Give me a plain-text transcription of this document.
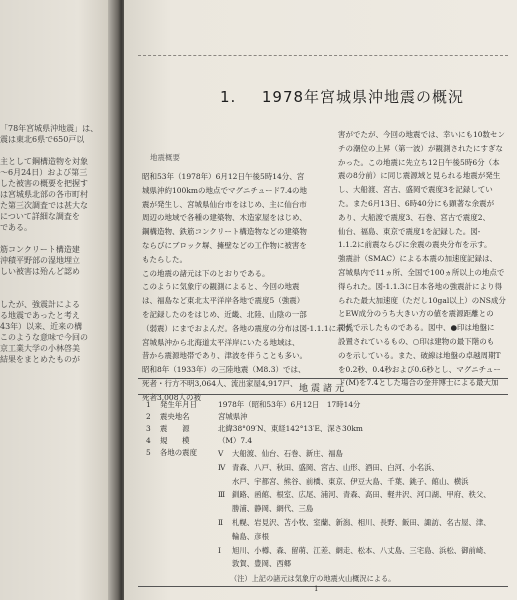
「78年宮城県沖地震」は、
震は東北6県で650戸以
主として鋼構造物を対象
～6月24日）および第三
した被害の概要を把握す
は宮城県北部の各市町村
た第三次調査では甚大な
について詳細な調査を
である。
筋コンクリート構造建
沖積平野部の湿地埋立
しい被害は殆んど認め
したが、強震計による
る地震であったと考え
43年）以来、近来の構
このような意味で今回の
京工業大学の小林啓美
結果をまとめたものが
1. 1978年宮城県沖地震の概況
地震概要
昭和53年（1978年）6月12日午後5時14分、宮
城県沖約100kmの地点でマグニチュード7.4の地
震が発生し、宮城県仙台市をはじめ、主に仙台市
周辺の地域で各種の建築物、木造家屋をはじめ、
鋼構造物、鉄筋コンクリート構造物などの建築物
ならびにブロック塀、擁壁などの工作物に被害を
もたらした。
この地震の諸元は下のとおりである。
このように気象庁の観測によると、今回の地震
は、福島など東北太平洋岸各地で震度5（強震）
を記録したのをはじめ、近畿、北陸、山陰の一部
（弱震）にまでおよんだ。各地の震度の分布は図-1.1.1に示す。
宮城県沖から北海道太平洋岸にいたる地域は、
昔から震源地帯であり、津波を伴うことも多い。
昭和8年（1933年）の三陸地震（M8.3）では、
死者・行方不明3,064人、流出家屋4,917戸、
死者3,008人の被
害がでたが、今回の地震では、幸いにも10数セン
チの潮位の上昇（第一波）が観測されたにすぎな
かった。この地震に先立ち12日午後5時6分（本
震の8分前）に同じ震源域と見られる地震が発生
し、大船渡、宮古、盛岡で震度3を記録してい
た。また6月13日、6時40分にも顕著な余震が
あり、大船渡で震度3、石巻、宮古で震度2、
仙台、福島、東京で震度1を記録した。図-
1.1.2に前震ならびに余震の震央分布を示す。
強震計（SMAC）による本震の加速度記録は、
宮城県内で11ヵ所、全国で100ヵ所以上の地点で
得られた。図-1.1.3に日本各地の強震計により得
られた最大加速度（ただし10gal以上）のNS成分
とEW成分のうち大きい方の値を震源距離との
関係で示したものである。図中、●印は地盤に
設置されているもの、○印は建物の最下階のも
のを示している。また、破線は地盤の卓越周期T
を0.2秒、0.4秒および0.6秒とし、マグニチュー
ド(M)を7.4とした場合の金井博士による最大加
地震諸元
1 発生年月日	1978年（昭和53年）6月12日　17時14分
2 震央地名	宮城県沖
3 震　　源	北緯38°09′N、東経142°13′E、深さ30km
4 規　　模	（M）7.4
5 各地の震度	Ⅴ 大船渡、仙台、石巻、新庄、福島
Ⅳ 青森、八戸、秋田、盛岡、宮古、山形、酒田、白河、小名浜、
水戸、宇都宮、熊谷、前橋、東京、伊豆大島、千葉、銚子、館山、横浜
Ⅲ 釧路、函館、根室、広尾、浦河、青森、高田、軽井沢、河口湖、甲府、秩父、
勝浦、静岡、網代、三島
Ⅱ 札幌、岩見沢、苫小牧、室蘭、新潟、相川、長野、飯田、諏訪、名古屋、津、
輪島、彦根
Ⅰ 旭川、小樽、森、留萌、江差、網走、松本、八丈島、三宅島、浜松、御前崎、
敦賀、豊岡、西郷
（注）上記の諸元は気象庁の地震火山概況による。
1
